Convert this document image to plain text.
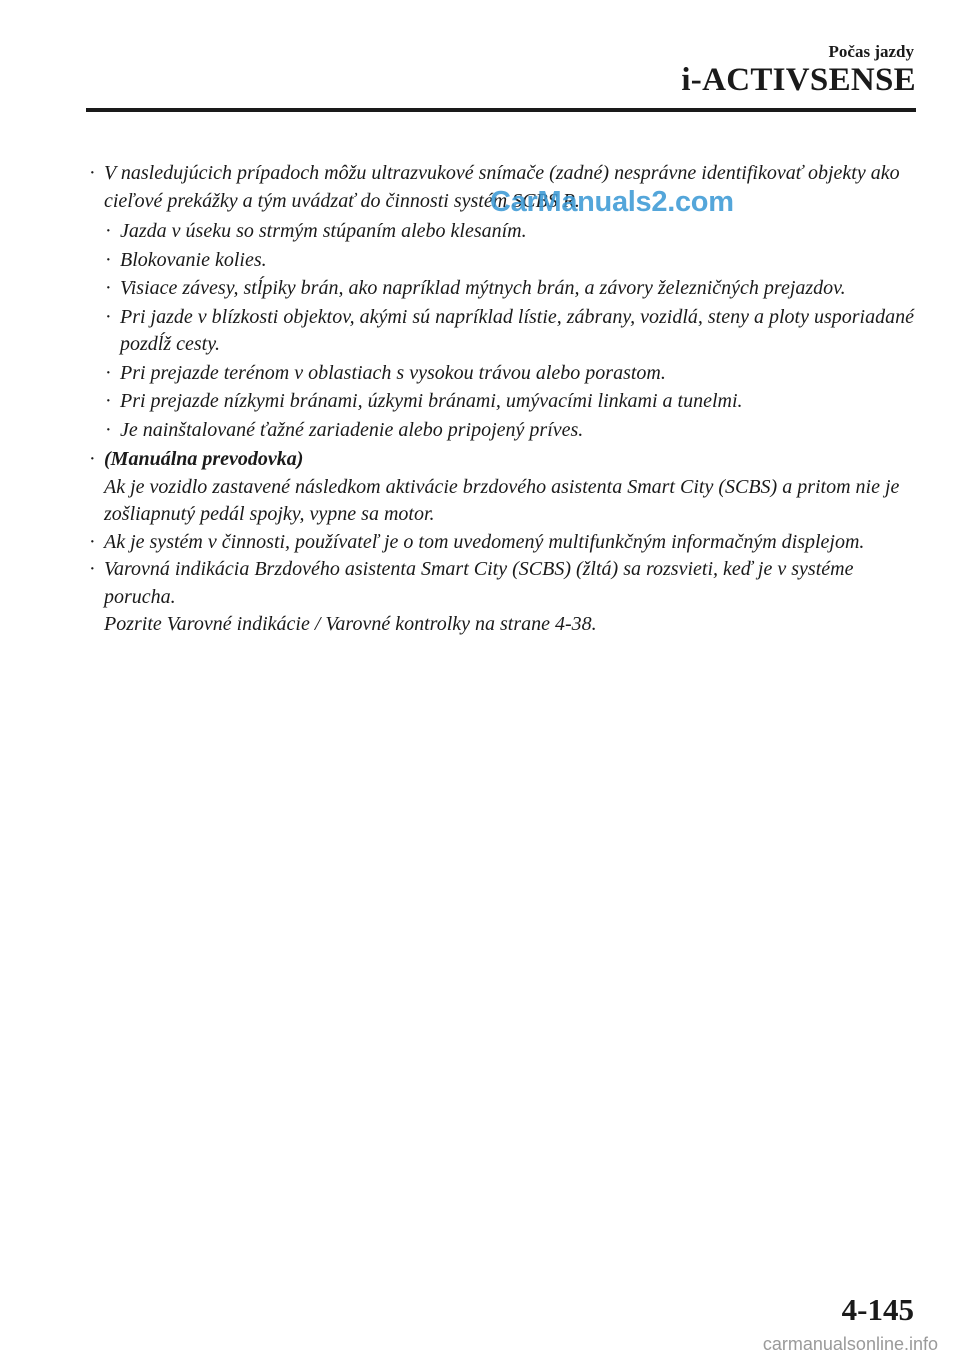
Počas jazdy
i-ACTIVSENSE
· V nasledujúcich prípadoch môžu ultrazvukové snímače (zadné) nesprávne identifikovať objekty ako cieľové prekážky a tým uvádzať do činnosti systém SCBS R.
· Jazda v úseku so strmým stúpaním alebo klesaním.
· Blokovanie kolies.
· Visiace závesy, stĺpiky brán, ako napríklad mýtnych brán, a závory železničných prejazdov.
· Pri jazde v blízkosti objektov, akými sú napríklad lístie, zábrany, vozidlá, steny a ploty usporiadané pozdĺž cesty.
· Pri prejazde terénom v oblastiach s vysokou trávou alebo porastom.
· Pri prejazde nízkymi bránami, úzkymi bránami, umývacími linkami a tunelmi.
· Je nainštalované ťažné zariadenie alebo pripojený príves.
· (Manuálna prevodovka)
Ak je vozidlo zastavené následkom aktivácie brzdového asistenta Smart City (SCBS) a pritom nie je zošliapnutý pedál spojky, vypne sa motor.
· Ak je systém v činnosti, používateľ je o tom uvedomený multifunkčným informačným displejom.
· Varovná indikácia Brzdového asistenta Smart City (SCBS) (žltá) sa rozsvieti, keď je v systéme porucha.
Pozrite Varovné indikácie / Varovné kontrolky na strane 4-38.
CarManuals2.com
4-145
carmanualsonline.info
